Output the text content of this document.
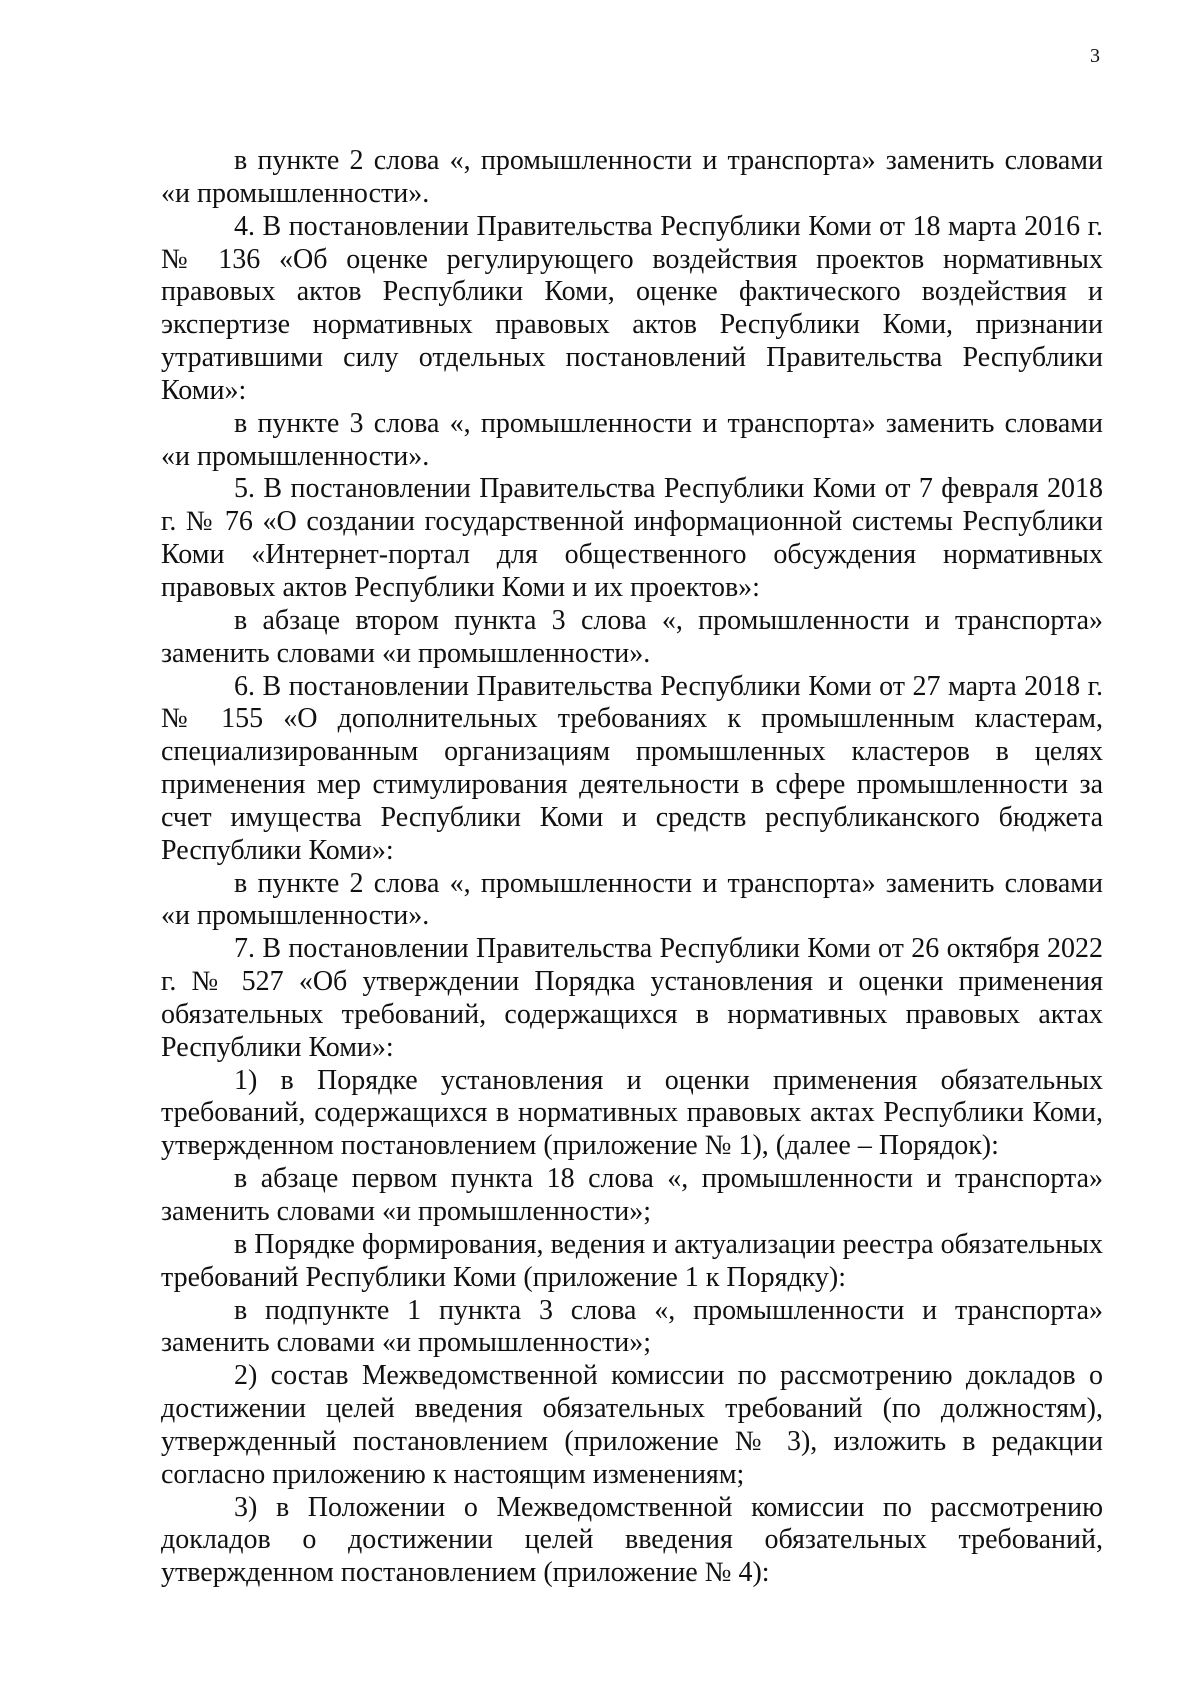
3

в пункте 2 слова «, промышленности и транспорта» заменить словами «и промышленности».

4. В постановлении Правительства Республики Коми от 18 марта 2016 г. № 136 «Об оценке регулирующего воздействия проектов нормативных правовых актов Республики Коми, оценке фактического воздействия и экспертизе нормативных правовых актов Республики Коми, признании утратившими силу отдельных постановлений Правительства Республики Коми»:

в пункте 3 слова «, промышленности и транспорта» заменить словами «и промышленности».

5. В постановлении Правительства Республики Коми от 7 февраля 2018 г. № 76 «О создании государственной информационной системы Республики Коми «Интернет-портал для общественного обсуждения нормативных правовых актов Республики Коми и их проектов»:

в абзаце втором пункта 3 слова «, промышленности и транспорта» заменить словами «и промышленности».

6. В постановлении Правительства Республики Коми от 27 марта 2018 г. № 155 «О дополнительных требованиях к промышленным кластерам, специализированным организациям промышленных кластеров в целях применения мер стимулирования деятельности в сфере промышленности за счет имущества Республики Коми и средств республиканского бюджета Республики Коми»:

в пункте 2 слова «, промышленности и транспорта» заменить словами «и промышленности».

7. В постановлении Правительства Республики Коми от 26 октября 2022 г. № 527 «Об утверждении Порядка установления и оценки применения обязательных требований, содержащихся в нормативных правовых актах Республики Коми»:

1) в Порядке установления и оценки применения обязательных требований, содержащихся в нормативных правовых актах Республики Коми, утвержденном постановлением (приложение № 1), (далее – Порядок):

в абзаце первом пункта 18 слова «, промышленности и транспорта» заменить словами «и промышленности»;

в Порядке формирования, ведения и актуализации реестра обязательных требований Республики Коми (приложение 1 к Порядку):

в подпункте 1 пункта 3 слова «, промышленности и транспорта» заменить словами «и промышленности»;

2) состав Межведомственной комиссии по рассмотрению докладов о достижении целей введения обязательных требований (по должностям), утвержденный постановлением (приложение № 3), изложить в редакции согласно приложению к настоящим изменениям;

3) в Положении о Межведомственной комиссии по рассмотрению докладов о достижении целей введения обязательных требований, утвержденном постановлением (приложение № 4):
